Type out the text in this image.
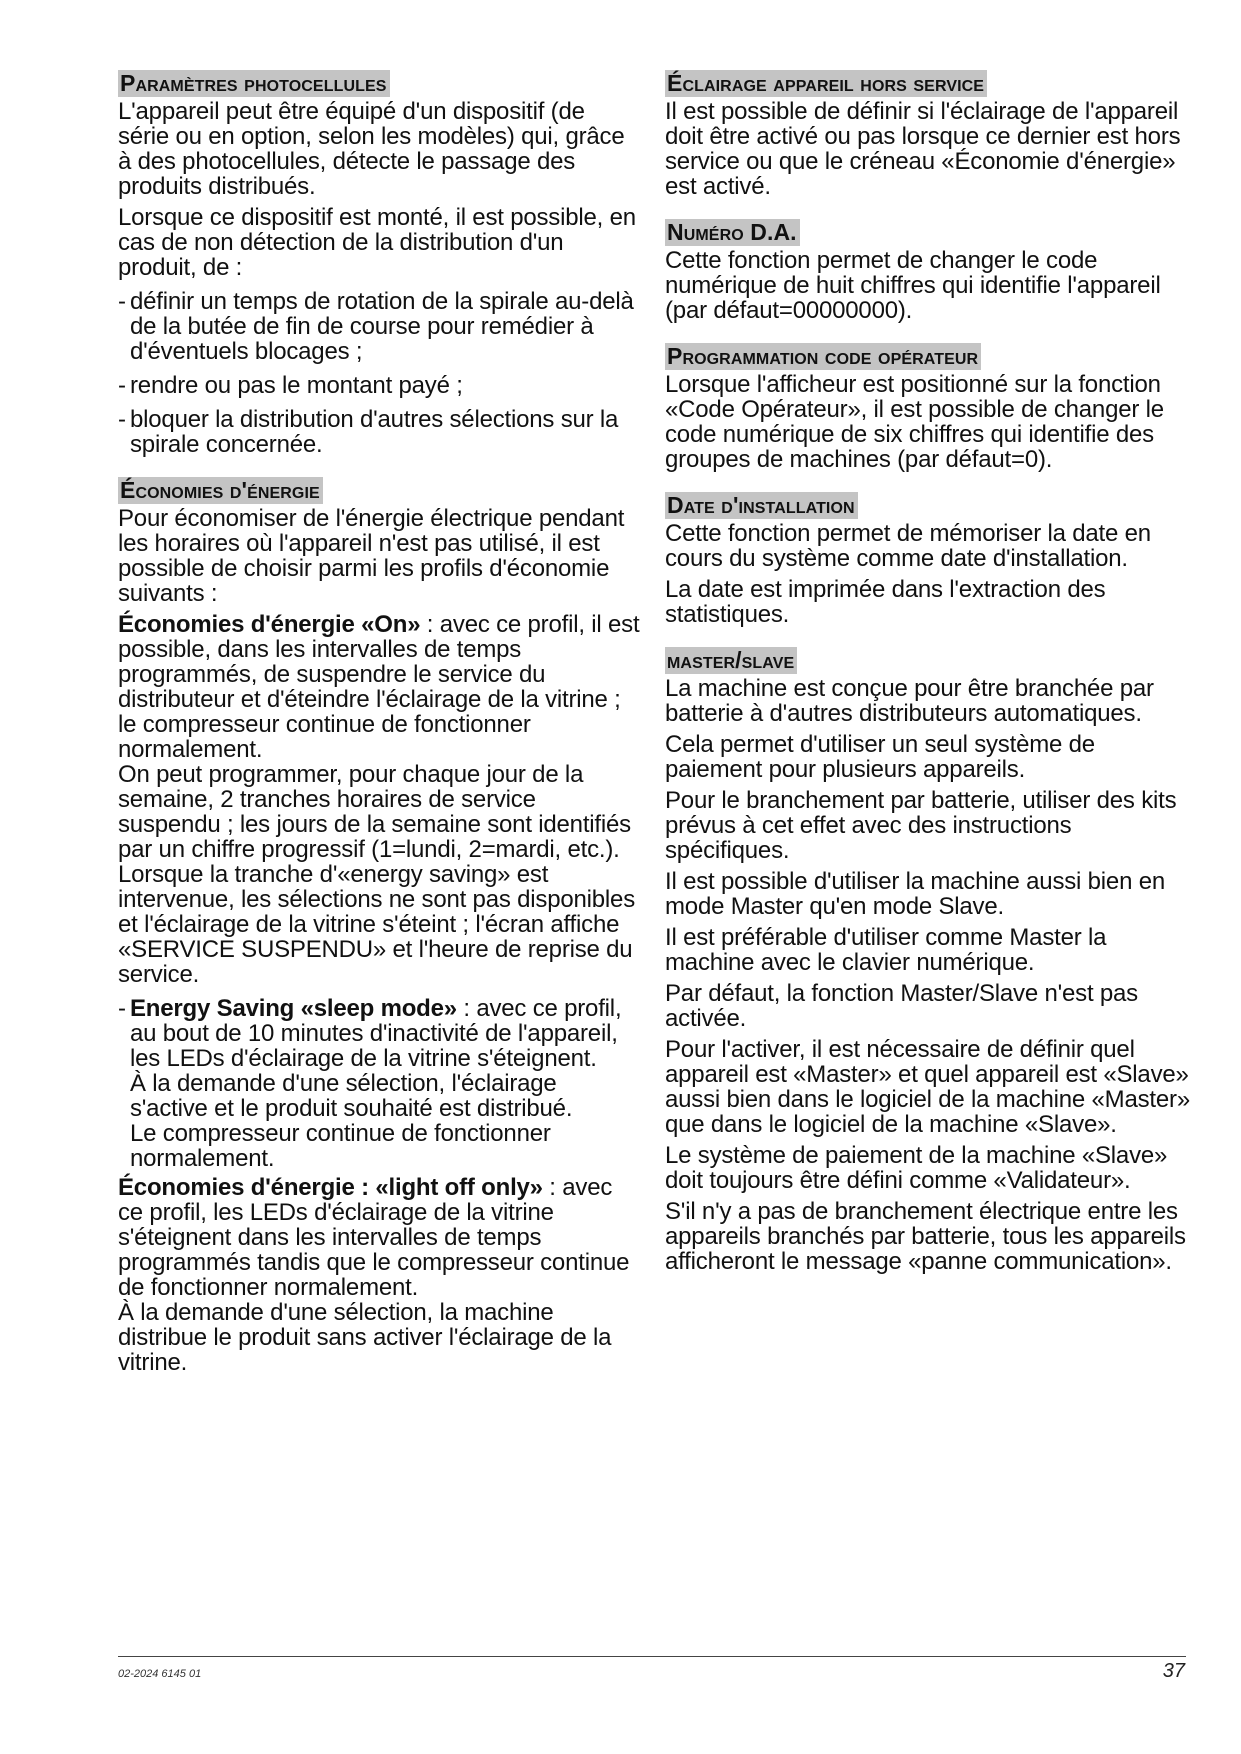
Paramètres photocellules

L'appareil peut être équipé d'un dispositif (de série ou en option, selon les modèles) qui, grâce à des photocellules, détecte le passage des produits distribués.

Lorsque ce dispositif est monté, il est possible, en cas de non détection de la distribution d'un produit, de :

- définir un temps de rotation de la spirale au-delà de la butée de fin de course pour remédier à d'éventuels blocages ;
- rendre ou pas le montant payé ;
- bloquer la distribution d'autres sélections sur la spirale concernée.
Économies d'énergie

Pour économiser de l'énergie électrique pendant les horaires où l'appareil n'est pas utilisé, il est possible de choisir parmi les profils d'économie suivants :

Économies d'énergie «On» : avec ce profil, il est possible, dans les intervalles de temps programmés, de suspendre le service du distributeur et d'éteindre l'éclairage de la vitrine ; le compresseur continue de fonctionner normalement.

On peut programmer, pour chaque jour de la semaine, 2 tranches horaires de service suspendu ; les jours de la semaine sont identifiés par un chiffre progressif (1=lundi, 2=mardi, etc.).

Lorsque la tranche d'«energy saving» est intervenue, les sélections ne sont pas disponibles et l'éclairage de la vitrine s'éteint ; l'écran affiche «SERVICE SUSPENDU» et l'heure de reprise du service.

- Energy Saving «sleep mode» : avec ce profil, au bout de 10 minutes d'inactivité de l'appareil, les LEDs d'éclairage de la vitrine s'éteignent.

À la demande d'une sélection, l'éclairage s'active et le produit souhaité est distribué.

Le compresseur continue de fonctionner normalement.

Économies d'énergie : «light off only» : avec ce profil, les LEDs d'éclairage de la vitrine s'éteignent dans les intervalles de temps programmés tandis que le compresseur continue de fonctionner normalement.

À la demande d'une sélection, la machine distribue le produit sans activer l'éclairage de la vitrine.

Éclairage appareil hors service

Il est possible de définir si l'éclairage de l'appareil doit être activé ou pas lorsque ce dernier est hors service ou que le créneau «Économie d'énergie» est activé.

Numéro D.A.

Cette fonction permet de changer le code numérique de huit chiffres qui identifie l'appareil (par défaut=00000000).

Programmation code opérateur

Lorsque l'afficheur est positionné sur la fonction «Code Opérateur», il est possible de changer le code numérique de six chiffres qui identifie des groupes de machines (par défaut=0).

Date d'installation

Cette fonction permet de mémoriser la date en cours du système comme date d'installation.

La date est imprimée dans l'extraction des statistiques.

master/slave

La machine est conçue pour être branchée par batterie à d'autres distributeurs automatiques.

Cela permet d'utiliser un seul système de paiement pour plusieurs appareils.

Pour le branchement par batterie, utiliser des kits prévus à cet effet avec des instructions spécifiques.

Il est possible d'utiliser la machine aussi bien en mode Master qu'en mode Slave.

Il est préférable d'utiliser comme Master la machine avec le clavier numérique.

Par défaut, la fonction Master/Slave n'est pas activée.

Pour l'activer, il est nécessaire de définir quel appareil est «Master» et quel appareil est «Slave» aussi bien dans le logiciel de la machine «Master» que dans le logiciel de la machine «Slave».

Le système de paiement de la machine «Slave» doit toujours être défini comme «Validateur».

S'il n'y a pas de branchement électrique entre les appareils branchés par batterie, tous les appareils afficheront le message «panne communication».

02-2024 6145 01	37
